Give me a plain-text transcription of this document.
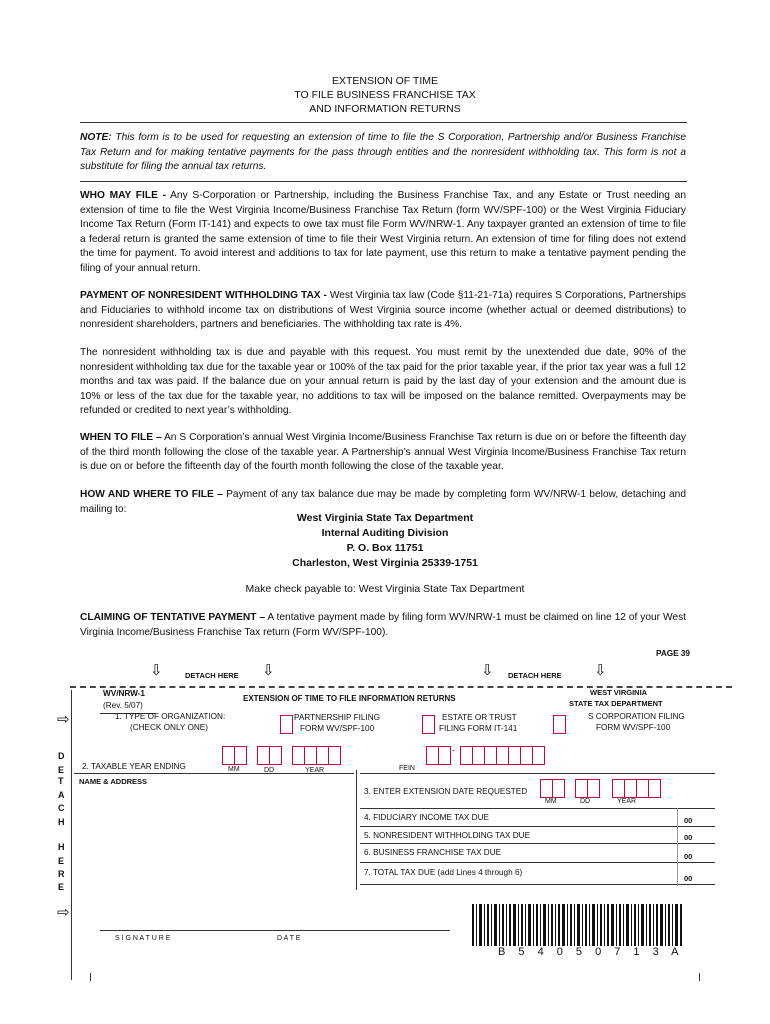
EXTENSION OF TIME
TO FILE BUSINESS FRANCHISE TAX
AND INFORMATION RETURNS
NOTE: This form is to be used for requesting an extension of time to file the S Corporation, Partnership and/or Business Franchise Tax Return and for making tentative payments for the pass through entities and the nonresident withholding tax. This form is not a substitute for filing the annual tax returns.
WHO MAY FILE - Any S-Corporation or Partnership, including the Business Franchise Tax, and any Estate or Trust needing an extension of time to file the West Virginia Income/Business Franchise Tax Return (form WV/SPF-100) or the West Virginia Fiduciary Income Tax Return (Form IT-141) and expects to owe tax must file Form WV/NRW-1. Any taxpayer granted an extension of time to file a federal return is granted the same extension of time to file their West Virginia return. An extension of time for filing does not extend the time for payment. To avoid interest and additions to tax for late payment, use this return to make a tentative payment pending the filing of your annual return.
PAYMENT OF NONRESIDENT WITHHOLDING TAX - West Virginia tax law (Code §11-21-71a) requires S Corporations, Partnerships and Fiduciaries to withhold income tax on distributions of West Virginia source income (whether actual or deemed distributions) to nonresident shareholders, partners and beneficiaries. The withholding tax rate is 4%.
The nonresident withholding tax is due and payable with this request. You must remit by the unextended due date, 90% of the nonresident withholding tax due for the taxable year or 100% of the tax paid for the prior taxable year, if the prior tax year was a full 12 months and tax was paid. If the balance due on your annual return is paid by the last day of your extension and the amount due is 10% or less of the tax due for the taxable year, no additions to tax will be imposed on the balance remitted. Overpayments may be refunded or credited to next year’s withholding.
WHEN TO FILE – An S Corporation’s annual West Virginia Income/Business Franchise Tax return is due on or before the fifteenth day of the third month following the close of the taxable year. A Partnership’s annual West Virginia Income/Business Franchise Tax return is due on or before the fifteenth day of the fourth month following the close of the taxable year.
HOW AND WHERE TO FILE – Payment of any tax balance due may be made by completing form WV/NRW-1 below, detaching and mailing to:
West Virginia State Tax Department
Internal Auditing Division
P. O. Box 11751
Charleston, West Virginia 25339-1751
Make check payable to: West Virginia State Tax Department
CLAIMING OF TENTATIVE PAYMENT – A tentative payment made by filing form WV/NRW-1 must be claimed on line 12 of your West Virginia Income/Business Franchise Tax return (Form WV/SPF-100).
PAGE 39
⇩	DETACH HERE ⇩	⇩ DETACH HERE ⇩
D
E
T
A
C
H
H
E
R
E
⇨
⇨
WV/NRW-1
(Rev. 5/07)
EXTENSION OF TIME TO FILE INFORMATION RETURNS
WEST VIRGINIA
STATE TAX DEPARTMENT
1. TYPE OF ORGANIZATION:
(CHECK ONLY ONE)
PARTNERSHIP FILING
FORM WV/SPF-100
ESTATE OR TRUST
FILING FORM IT-141
S CORPORATION FILING
FORM WV/SPF-100
2. TAXABLE YEAR ENDING	MM	DD	YEAR
-
FEIN
NAME & ADDRESS
3. ENTER EXTENSION DATE REQUESTED
MM	DD	YEAR
4. FIDUCIARY INCOME TAX DUE	00
5. NONRESIDENT WITHHOLDING TAX DUE	00
6. BUSINESS FRANCHISE TAX DUE	00
7. TOTAL TAX DUE (add Lines 4 through 6)
00
S I G N A T U R E	D A T E
B 5 4 0 5 0 7 1 3 A
